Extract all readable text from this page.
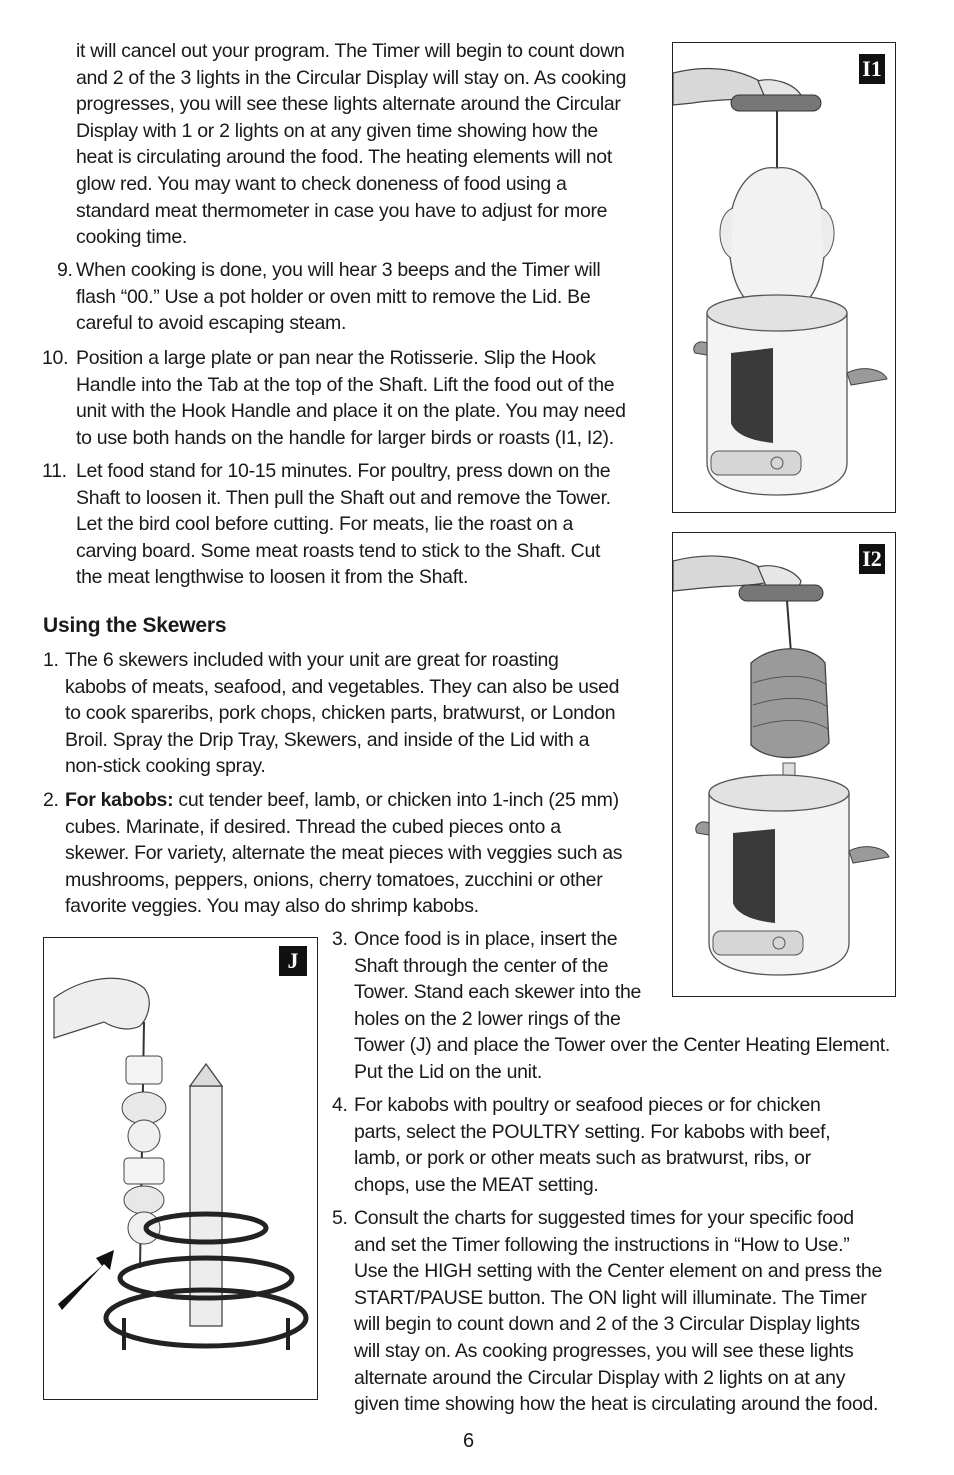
it will cancel out your program. The Timer will begin to count down
and 2 of the 3 lights in the Circular Display will stay on. As cooking
progresses, you will see these lights alternate around the Circular
Display with 1 or 2 lights on at any given time showing how the
heat is circulating around the food. The heating elements will not
glow red. You may want to check doneness of food using a
standard meat thermometer in case you have to adjust for more
cooking time.
9. When cooking is done, you will hear 3 beeps and the Timer will
flash “00.” Use a pot holder or oven mitt to remove the Lid. Be
careful to avoid escaping steam.
10. Position a large plate or pan near the Rotisserie. Slip the Hook
Handle into the Tab at the top of the Shaft. Lift the food out of the
unit with the Hook Handle and place it on the plate. You may need
to use both hands on the handle for larger birds or roasts (I1, I2).
11. Let food stand for 10-15 minutes. For poultry, press down on the
Shaft to loosen it. Then pull the Shaft out and remove the Tower.
Let the bird cool before cutting. For meats, lie the roast on a
carving board. Some meat roasts tend to stick to the Shaft. Cut
the meat lengthwise to loosen it from the Shaft.
Using the Skewers
1. The 6 skewers included with your unit are great for roasting
kabobs of meats, seafood, and vegetables. They can also be used
to cook spareribs, pork chops, chicken parts, bratwurst, or London
Broil. Spray the Drip Tray, Skewers, and inside of the Lid with a
non-stick cooking spray.
2. For kabobs: cut tender beef, lamb, or chicken into 1-inch (25 mm)
cubes. Marinate, if desired. Thread the cubed pieces onto a
skewer. For variety, alternate the meat pieces with veggies such as
mushrooms, peppers, onions, cherry tomatoes, zucchini or other
favorite veggies. You may also do shrimp kabobs.
3. Once food is in place, insert the
Shaft through the center of the
Tower. Stand each skewer into the
holes on the 2 lower rings of the
Tower (J) and place the Tower over the Center Heating Element.
Put the Lid on the unit.
4. For kabobs with poultry or seafood pieces or for chicken
parts, select the POULTRY setting. For kabobs with beef,
lamb, or pork or other meats such as bratwurst, ribs, or
chops, use the MEAT setting.
5. Consult the charts for suggested times for your specific food
and set the Timer following the instructions in “How to Use.”
Use the HIGH setting with the Center element on and press the
START/PAUSE button. The ON light will illuminate. The Timer
will begin to count down and 2 of the 3 Circular Display lights
will stay on. As cooking progresses, you will see these lights
alternate around the Circular Display with 2 lights on at any
given time showing how the heat is circulating around the food.
I1
I2
J
6
